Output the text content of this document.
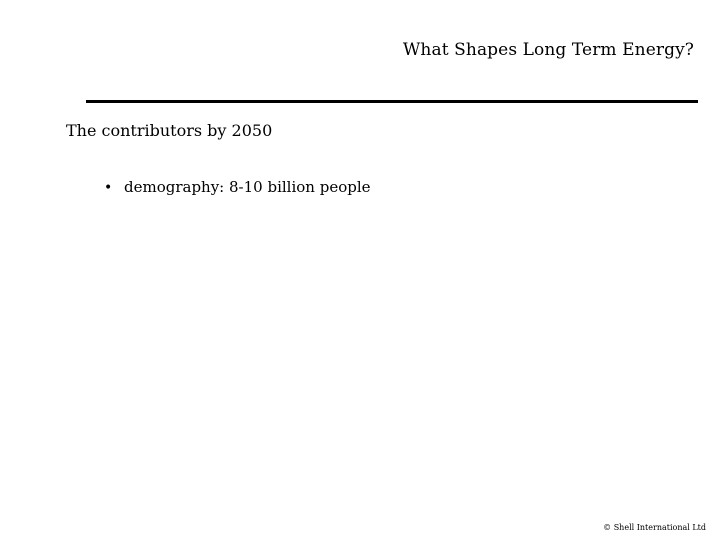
What Shapes Long Term Energy?
The contributors by 2050
• demography: 8-10 billion people
© Shell International Ltd
